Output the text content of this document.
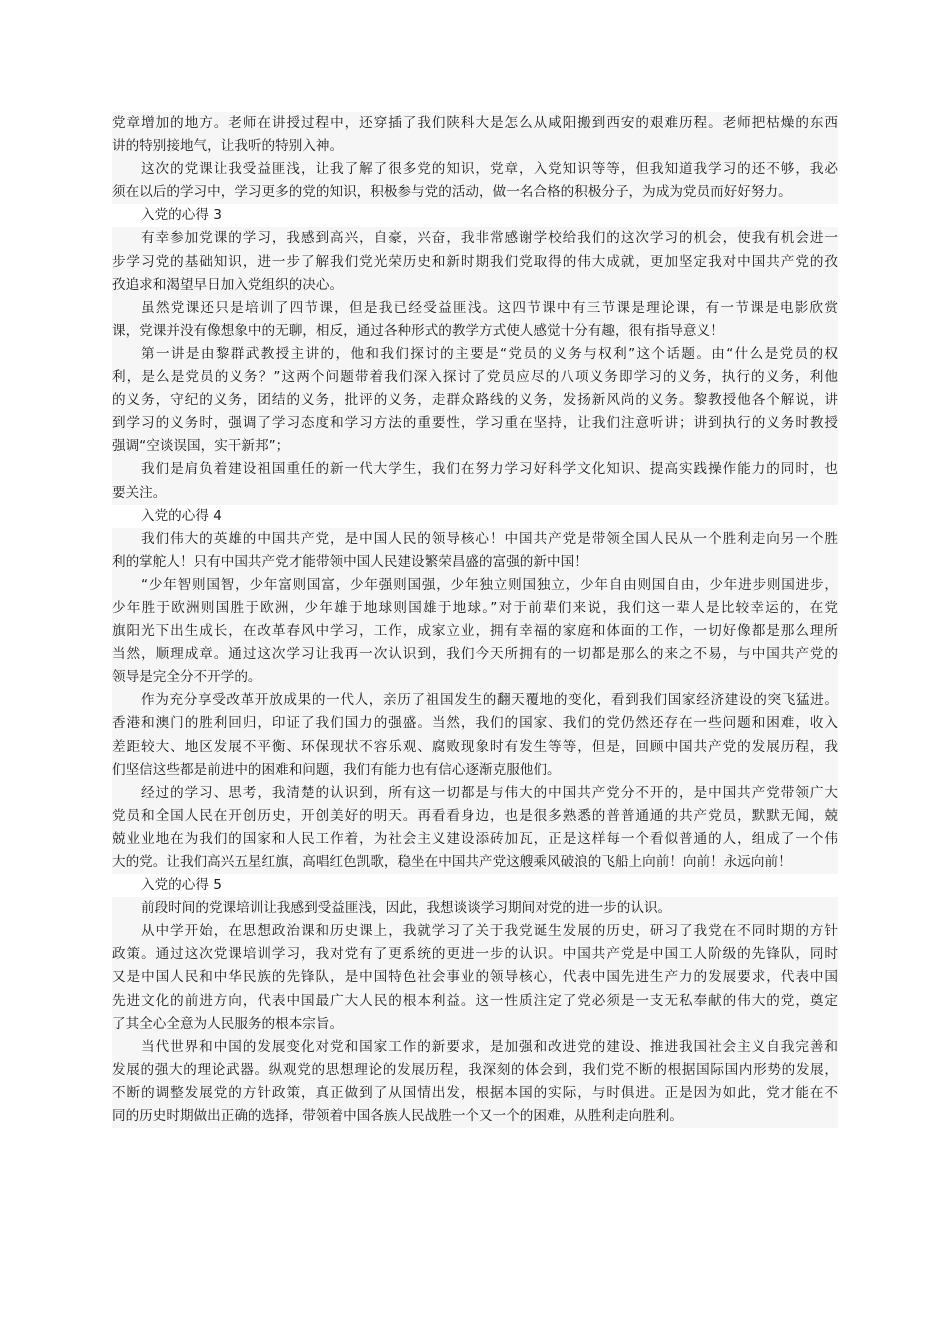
党章增加的地方。老师在讲授过程中，还穿插了我们陕科大是怎么从咸阳搬到西安的艰难历程。老师把枯燥的东西
讲的特别接地气，让我听的特别入神。
这次的党课让我受益匪浅，让我了解了很多党的知识，党章，入党知识等等，但我知道我学习的还不够，我必
须在以后的学习中，学习更多的党的知识，积极参与党的活动，做一名合格的积极分子，为成为党员而好好努力。
入党的心得 3
有幸参加党课的学习，我感到高兴，自豪，兴奋，我非常感谢学校给我们的这次学习的机会，使我有机会进一
步学习党的基础知识，进一步了解我们党光荣历史和新时期我们党取得的伟大成就，更加坚定我对中国共产党的孜
孜追求和渴望早日加入党组织的决心。
虽然党课还只是培训了四节课，但是我已经受益匪浅。这四节课中有三节课是理论课，有一节课是电影欣赏
课，党课并没有像想象中的无聊，相反，通过各种形式的教学方式使人感觉十分有趣，很有指导意义！
第一讲是由黎群武教授主讲的，他和我们探讨的主要是“党员的义务与权利”这个话题。由“什么是党员的权
利，是么是党员的义务？”这两个问题带着我们深入探讨了党员应尽的八项义务即学习的义务，执行的义务，利他
的义务，守纪的义务，团结的义务，批评的义务，走群众路线的义务，发扬新风尚的义务。黎教授他各个解说，讲
到学习的义务时，强调了学习态度和学习方法的重要性，学习重在坚持，让我们注意听讲；讲到执行的义务时教授
强调“空谈误国，实干新邦”；
我们是肩负着建设祖国重任的新一代大学生，我们在努力学习好科学文化知识、提高实践操作能力的同时，也
要关注。
入党的心得 4
我们伟大的英雄的中国共产党，是中国人民的领导核心！中国共产党是带领全国人民从一个胜利走向另一个胜
利的掌舵人！只有中国共产党才能带领中国人民建设繁荣昌盛的富强的新中国！
“少年智则国智，少年富则国富，少年强则国强，少年独立则国独立，少年自由则国自由，少年进步则国进步，
少年胜于欧洲则国胜于欧洲，少年雄于地球则国雄于地球。”对于前辈们来说，我们这一辈人是比较幸运的，在党
旗阳光下出生成长，在改革春风中学习，工作，成家立业，拥有幸福的家庭和体面的工作，一切好像都是那么理所
当然，顺理成章。通过这次学习让我再一次认识到，我们今天所拥有的一切都是那么的来之不易，与中国共产党的
领导是完全分不开学的。
作为充分享受改革开放成果的一代人，亲历了祖国发生的翻天覆地的变化，看到我们国家经济建设的突飞猛进。
香港和澳门的胜利回归，印证了我们国力的强盛。当然，我们的国家、我们的党仍然还存在一些问题和困难，收入
差距较大、地区发展不平衡、环保现状不容乐观、腐败现象时有发生等等，但是，回顾中国共产党的发展历程，我
们坚信这些都是前进中的困难和问题，我们有能力也有信心逐渐克服他们。
经过的学习、思考，我清楚的认识到，所有这一切都是与伟大的中国共产党分不开的，是中国共产党带领广大
党员和全国人民在开创历史，开创美好的明天。再看看身边，也是很多熟悉的普普通通的共产党员，默默无闻，兢
兢业业地在为我们的国家和人民工作着，为社会主义建设添砖加瓦，正是这样每一个看似普通的人，组成了一个伟
大的党。让我们高兴五星红旗，高唱红色凯歌，稳坐在中国共产党这艘乘风破浪的飞船上向前！向前！永远向前！
入党的心得 5
前段时间的党课培训让我感到受益匪浅，因此，我想谈谈学习期间对党的进一步的认识。
从中学开始，在思想政治课和历史课上，我就学习了关于我党诞生发展的历史，研习了我党在不同时期的方针
政策。通过这次党课培训学习，我对党有了更系统的更进一步的认识。中国共产党是中国工人阶级的先锋队，同时
又是中国人民和中华民族的先锋队，是中国特色社会事业的领导核心，代表中国先进生产力的发展要求，代表中国
先进文化的前进方向，代表中国最广大人民的根本利益。这一性质注定了党必须是一支无私奉献的伟大的党，奠定
了其全心全意为人民服务的根本宗旨。
当代世界和中国的发展变化对党和国家工作的新要求，是加强和改进党的建设、推进我国社会主义自我完善和
发展的强大的理论武器。纵观党的思想理论的发展历程，我深刻的体会到，我们党不断的根据国际国内形势的发展，
不断的调整发展党的方针政策，真正做到了从国情出发，根据本国的实际，与时俱进。正是因为如此，党才能在不
同的历史时期做出正确的选择，带领着中国各族人民战胜一个又一个的困难，从胜利走向胜利。
